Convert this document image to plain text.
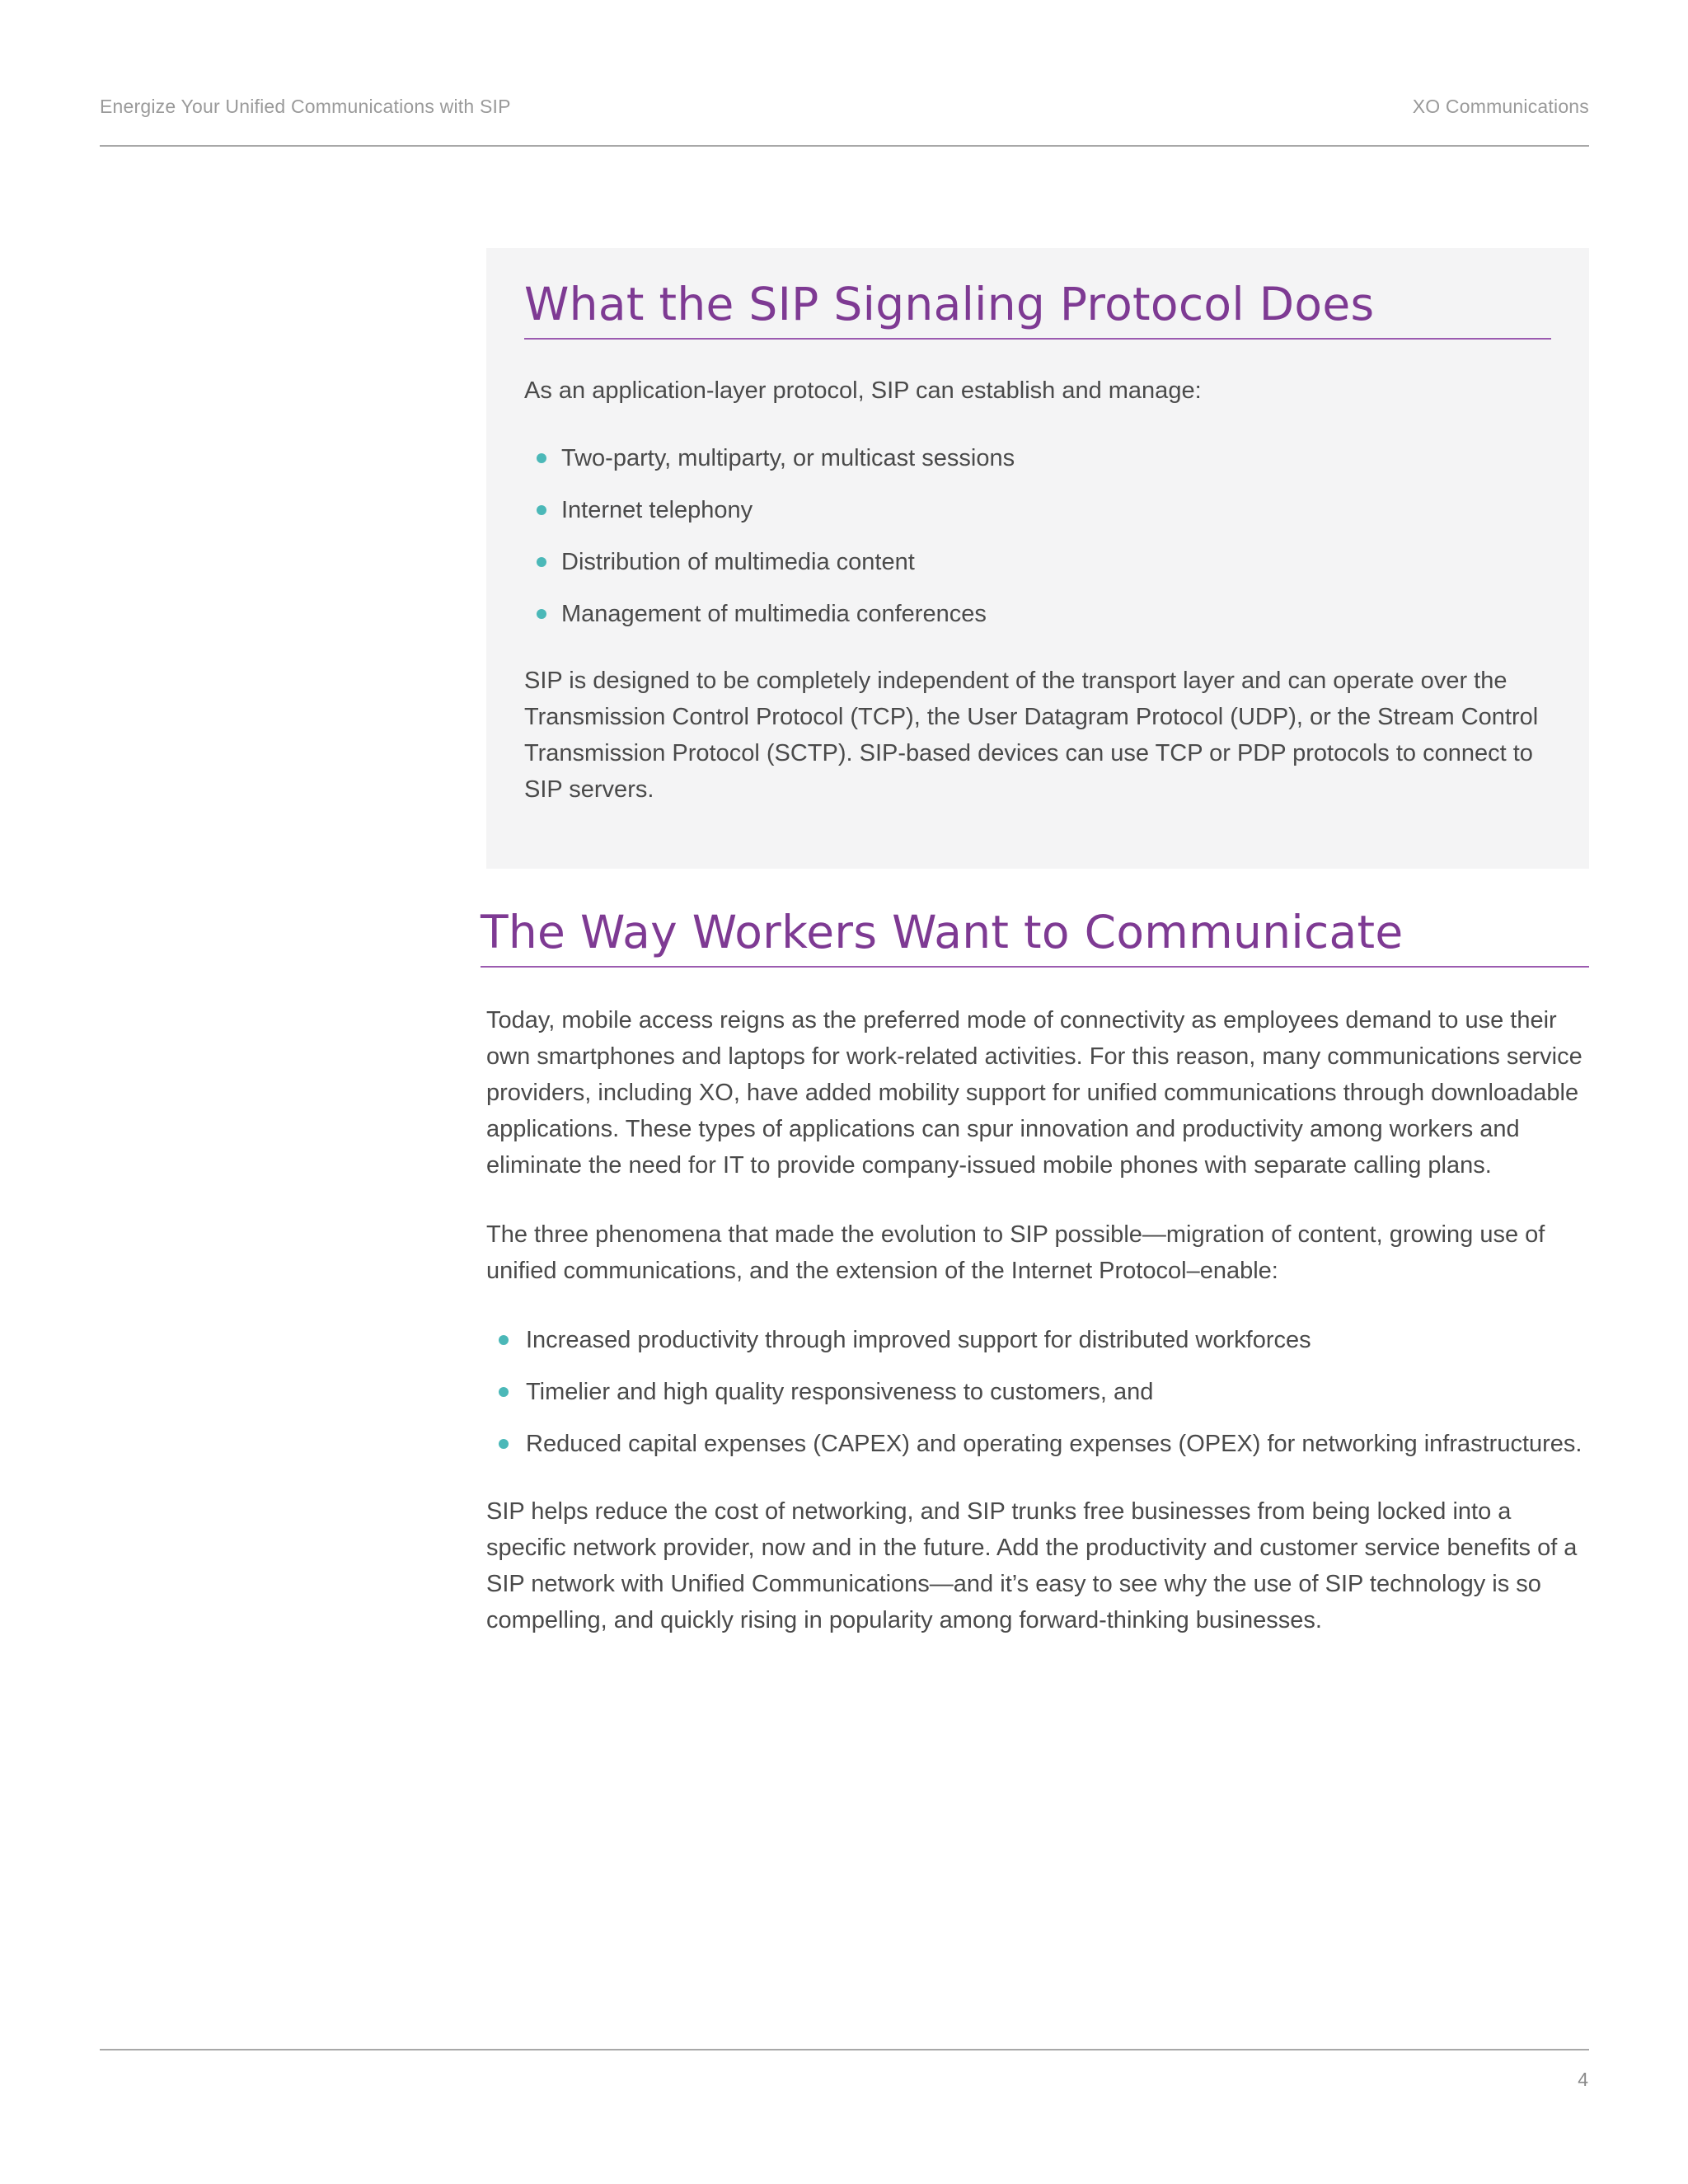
Energize Your Unified Communications with SIP	XO Communications
What the SIP Signaling Protocol Does

As an application-layer protocol, SIP can establish and manage:

Two-party, multiparty, or multicast sessions
Internet telephony
Distribution of multimedia content
Management of multimedia conferences

SIP is designed to be completely independent of the transport layer and can operate over the Transmission Control Protocol (TCP), the User Datagram Protocol (UDP), or the Stream Control Transmission Protocol (SCTP). SIP-based devices can use TCP or PDP protocols to connect to SIP servers.

The Way Workers Want to Communicate

Today, mobile access reigns as the preferred mode of connectivity as employees demand to use their own smartphones and laptops for work-related activities. For this reason, many communications service providers, including XO, have added mobility support for unified communications through downloadable applications. These types of applications can spur innovation and productivity among workers and eliminate the need for IT to provide company-issued mobile phones with separate calling plans.

The three phenomena that made the evolution to SIP possible—migration of content, growing use of unified communications, and the extension of the Internet Protocol–enable:

Increased productivity through improved support for distributed workforces
Timelier and high quality responsiveness to customers, and
Reduced capital expenses (CAPEX) and operating expenses (OPEX) for networking infrastructures.

SIP helps reduce the cost of networking, and SIP trunks free businesses from being locked into a specific network provider, now and in the future. Add the productivity and customer service benefits of a SIP network with Unified Communications—and it’s easy to see why the use of SIP technology is so compelling, and quickly rising in popularity among forward-thinking businesses.

4
